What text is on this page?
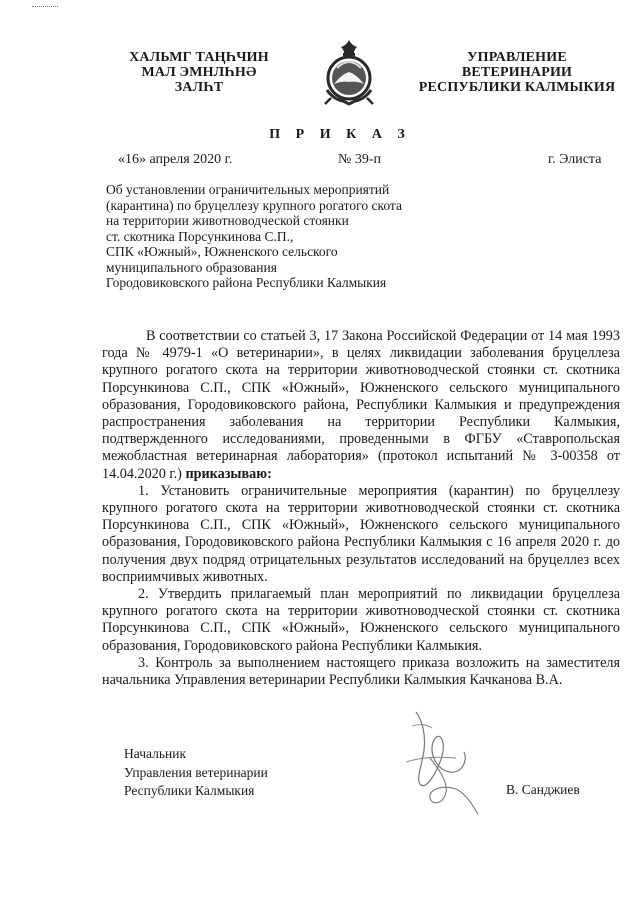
ХАЛЬМГ ТАҢҺЧИН
МАЛ ЭМНЛҺНӘ
ЗАЛҺТ
УПРАВЛЕНИЕ
ВЕТЕРИНАРИИ
РЕСПУБЛИКИ КАЛМЫКИЯ
П Р И К А З
«16» апреля 2020 г.	№ 39-п	г. Элиста
Об установлении ограничительных мероприятий
(карантина) по бруцеллезу крупного рогатого скота
на территории животноводческой стоянки
ст. скотника Порсункинова С.П.,
СПК «Южный», Южненского сельского
муниципального образования
Городовиковского района Республики Калмыкия

В соответствии со статьей 3, 17 Закона Российской Федерации от 14 мая 1993 года № 4979-1 «О ветеринарии», в целях ликвидации заболевания бруцеллеза крупного рогатого скота на территории животноводческой стоянки ст. скотника Порсункинова С.П., СПК «Южный», Южненского сельского муниципального образования, Городовиковского района, Республики Калмыкия и предупреждения распространения заболевания на территории Республики Калмыкия, подтвержденного исследованиями, проведенными в ФГБУ «Ставропольская межобластная ветеринарная лаборатория» (протокол испытаний № 3-00358 от 14.04.2020 г.) приказываю:

1. Установить ограничительные мероприятия (карантин) по бруцеллезу крупного рогатого скота на территории животноводческой стоянки ст. скотника Порсункинова С.П., СПК «Южный», Южненского сельского муниципального образования, Городовиковского района Республики Калмыкия с 16 апреля 2020 г. до получения двух подряд отрицательных результатов исследований на бруцеллез всех восприимчивых животных.

2. Утвердить прилагаемый план мероприятий по ликвидации бруцеллеза крупного рогатого скота на территории животноводческой стоянки ст. скотника Порсункинова С.П., СПК «Южный», Южненского сельского муниципального образования, Городовиковского района Республики Калмыкия.

3. Контроль за выполнением настоящего приказа возложить на заместителя начальника Управления ветеринарии Республики Калмыкия Качканова В.А.

Начальник
Управления ветеринарии
Республики Калмыкия	В. Санджиев
